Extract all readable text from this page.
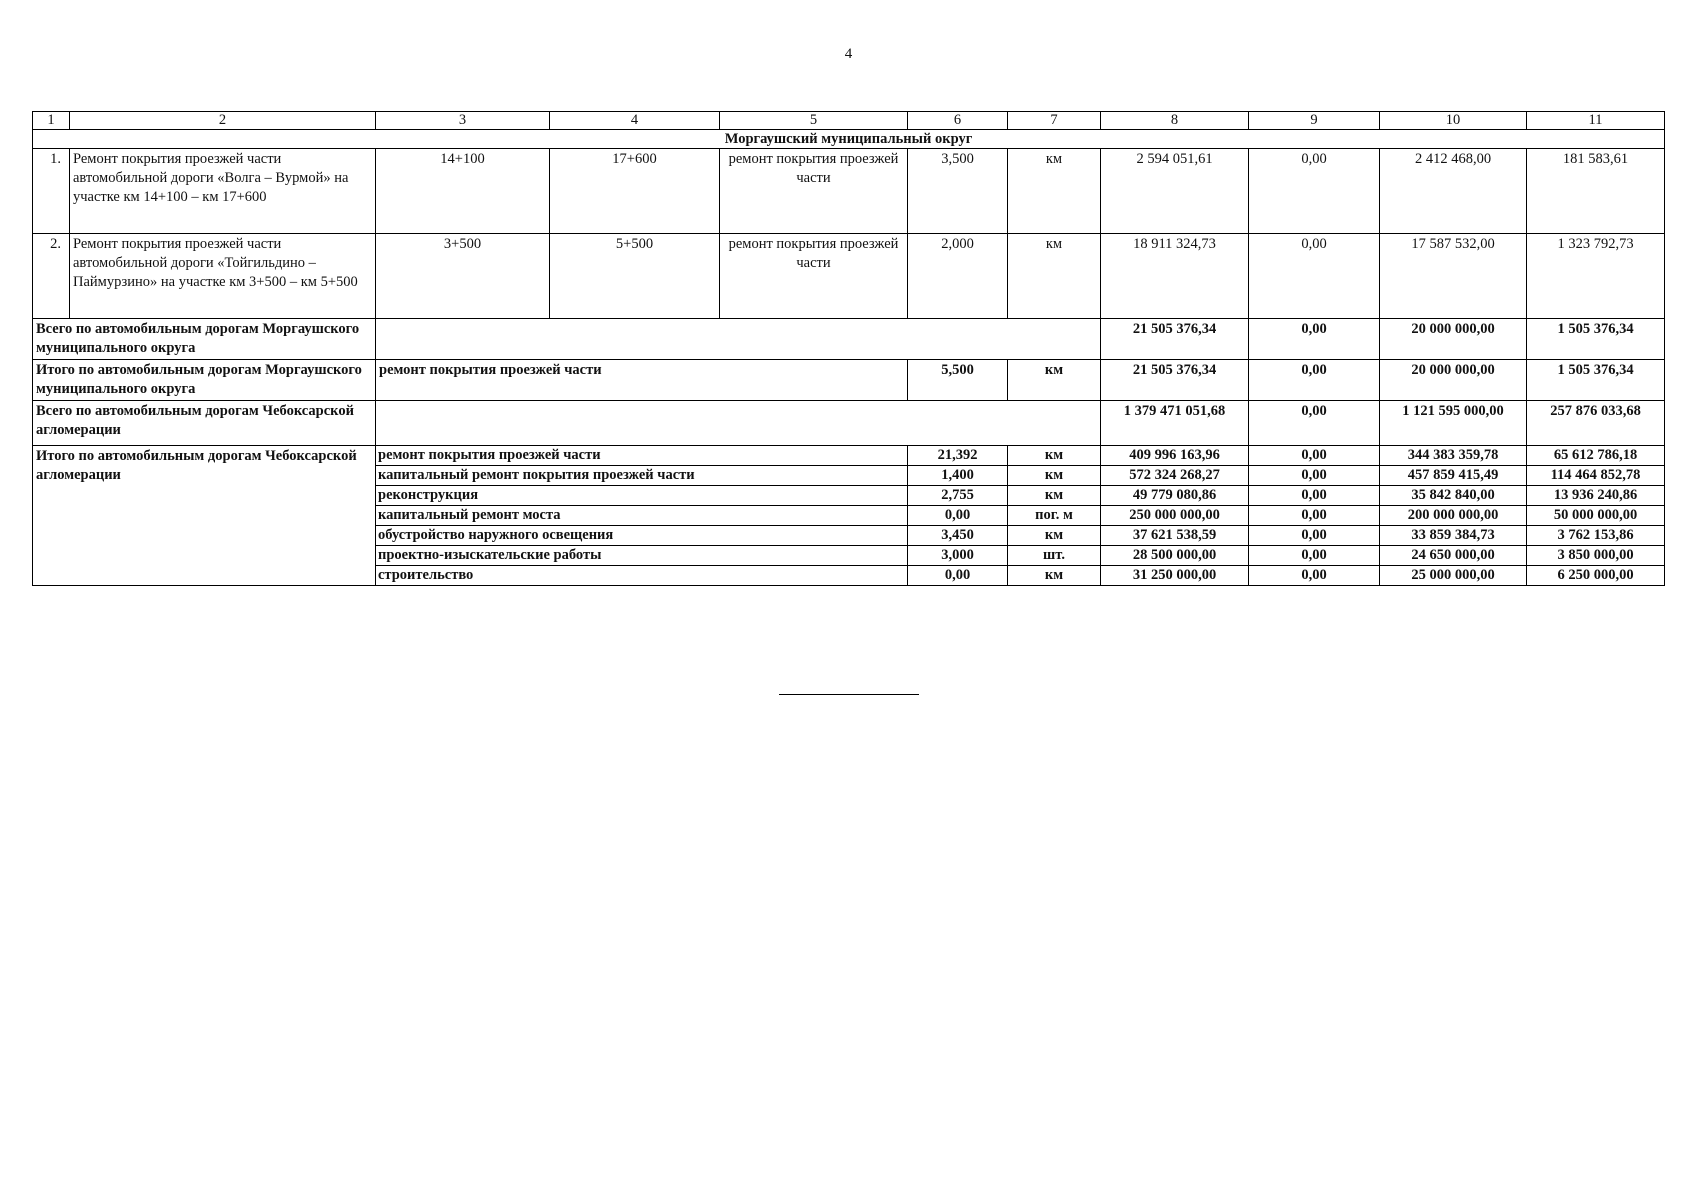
4
1	2	3	4	5	6	7	8	9	10	11
Моргаушский муниципальный округ										
1.	Ремонт покрытия проезжей части автомобильной дороги «Волга – Вурмой» на участке км 14+100 – км 17+600	14+100	17+600	ремонт покрытия проезжей части	3,500	км	2 594 051,61	0,00	2 412 468,00	181 583,61
2.	Ремонт покрытия проезжей части автомобильной дороги «Тойгильдино – Паймурзино» на участке км 3+500 – км 5+500	3+500	5+500	ремонт покрытия проезжей части	2,000	км	18 911 324,73	0,00	17 587 532,00	1 323 792,73
Всего по автомобильным дорогам Моргаушского муниципального округа							21 505 376,34	0,00	20 000 000,00	1 505 376,34
Итого по автомобильным дорогам Моргаушского муниципального округа		ремонт покрытия проезжей части			5,500	км	21 505 376,34	0,00	20 000 000,00	1 505 376,34
Всего по автомобильным дорогам Чебоксарской агломерации							1 379 471 051,68	0,00	1 121 595 000,00	257 876 033,68
Итого по автомобильным дорогам Чебоксарской агломерации		ремонт покрытия проезжей части			21,392	км	409 996 163,96	0,00	344 383 359,78	65 612 786,18
		капитальный ремонт покрытия проезжей части			1,400	км	572 324 268,27	0,00	457 859 415,49	114 464 852,78
		реконструкция			2,755	км	49 779 080,86	0,00	35 842 840,00	13 936 240,86
		капитальный ремонт моста			0,00	пог. м	250 000 000,00	0,00	200 000 000,00	50 000 000,00
		обустройство наружного освещения			3,450	км	37 621 538,59	0,00	33 859 384,73	3 762 153,86
		проектно-изыскательские работы			3,000	шт.	28 500 000,00	0,00	24 650 000,00	3 850 000,00
		строительство			0,00	км	31 250 000,00	0,00	25 000 000,00	6 250 000,00
